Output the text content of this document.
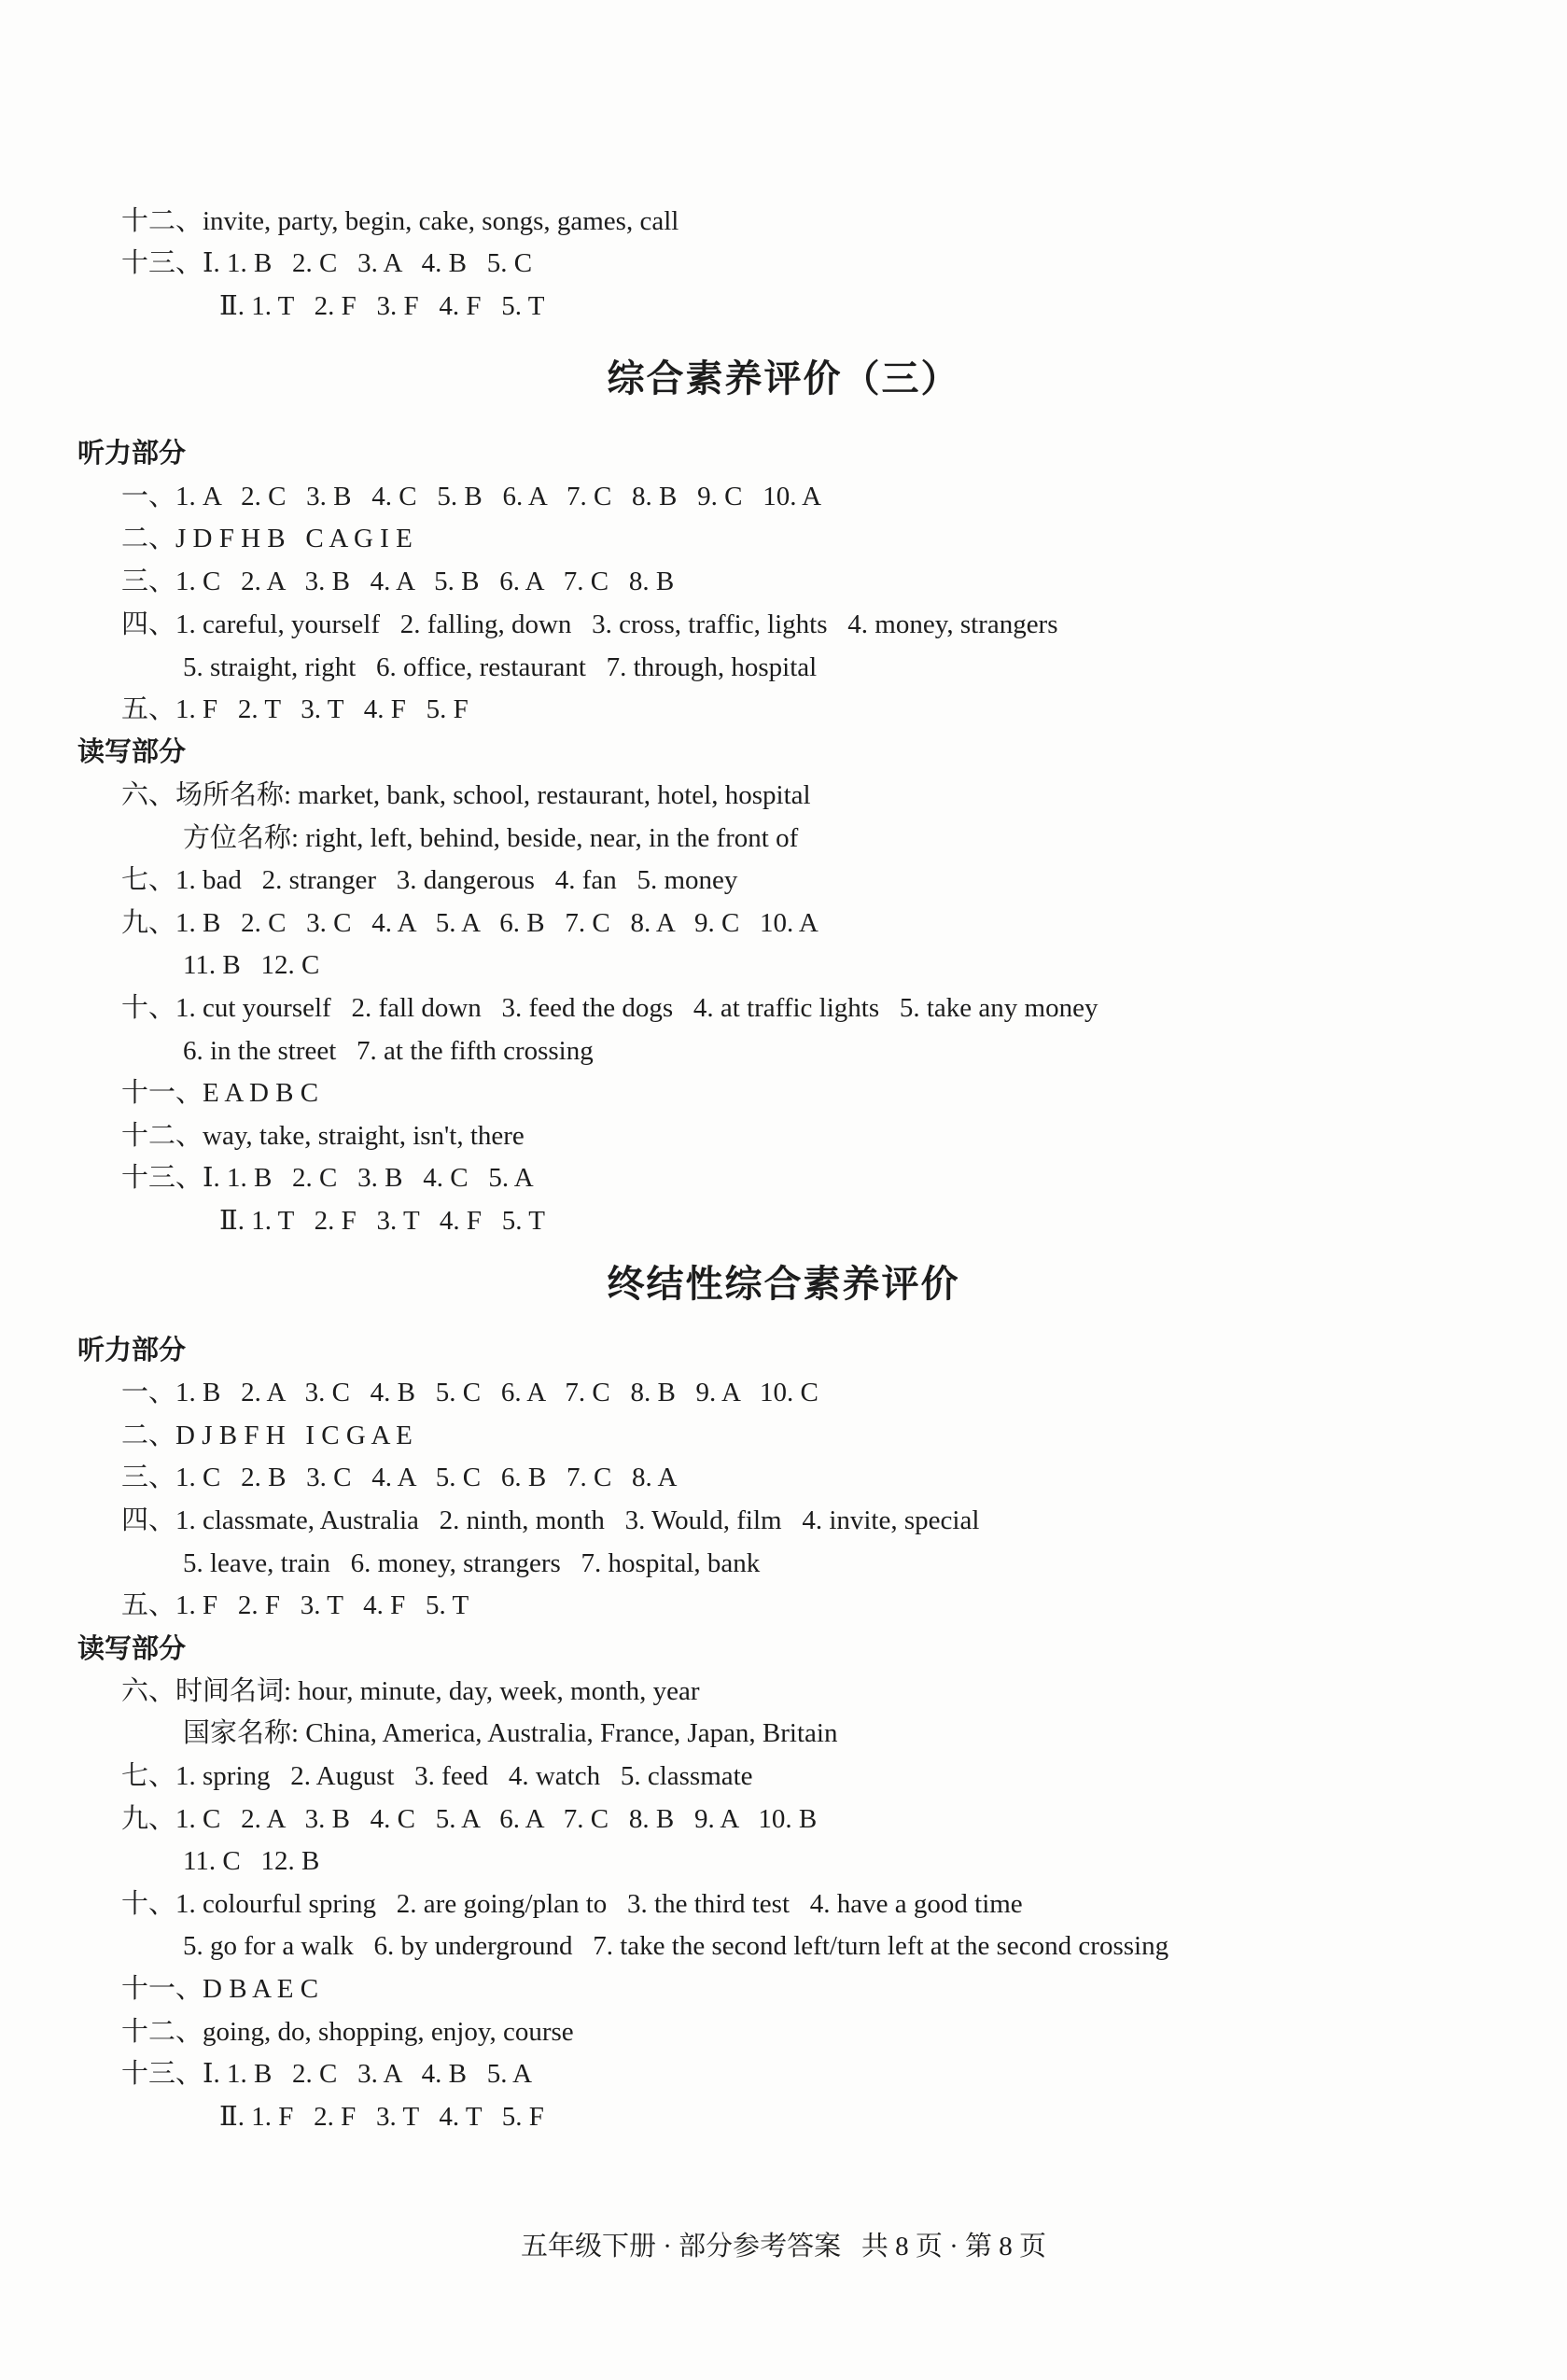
十二、invite, party, begin, cake, songs, games, call
十三、Ⅰ. 1. B   2. C   3. A   4. B   5. C
Ⅱ. 1. T   2. F   3. F   4. F   5. T
综合素养评价（三）
听力部分
一、1. A   2. C   3. B   4. C   5. B   6. A   7. C   8. B   9. C   10. A
二、J D F H B   C A G I E
三、1. C   2. A   3. B   4. A   5. B   6. A   7. C   8. B
四、1. careful, yourself   2. falling, down   3. cross, traffic, lights   4. money, strangers
5. straight, right   6. office, restaurant   7. through, hospital
五、1. F   2. T   3. T   4. F   5. F
读写部分
六、场所名称: market, bank, school, restaurant, hotel, hospital
方位名称: right, left, behind, beside, near, in the front of
七、1. bad   2. stranger   3. dangerous   4. fan   5. money
九、1. B   2. C   3. C   4. A   5. A   6. B   7. C   8. A   9. C   10. A
11. B   12. C
十、1. cut yourself   2. fall down   3. feed the dogs   4. at traffic lights   5. take any money
6. in the street   7. at the fifth crossing
十一、E A D B C
十二、way, take, straight, isn't, there
十三、Ⅰ. 1. B   2. C   3. B   4. C   5. A
Ⅱ. 1. T   2. F   3. T   4. F   5. T
终结性综合素养评价
听力部分
一、1. B   2. A   3. C   4. B   5. C   6. A   7. C   8. B   9. A   10. C
二、D J B F H   I C G A E
三、1. C   2. B   3. C   4. A   5. C   6. B   7. C   8. A
四、1. classmate, Australia   2. ninth, month   3. Would, film   4. invite, special
5. leave, train   6. money, strangers   7. hospital, bank
五、1. F   2. F   3. T   4. F   5. T
读写部分
六、时间名词: hour, minute, day, week, month, year
国家名称: China, America, Australia, France, Japan, Britain
七、1. spring   2. August   3. feed   4. watch   5. classmate
九、1. C   2. A   3. B   4. C   5. A   6. A   7. C   8. B   9. A   10. B
11. C   12. B
十、1. colourful spring   2. are going/plan to   3. the third test   4. have a good time
5. go for a walk   6. by underground   7. take the second left/turn left at the second crossing
十一、D B A E C
十二、going, do, shopping, enjoy, course
十三、Ⅰ. 1. B   2. C   3. A   4. B   5. A
Ⅱ. 1. F   2. F   3. T   4. T   5. F
五年级下册 · 部分参考答案   共 8 页 · 第 8 页
